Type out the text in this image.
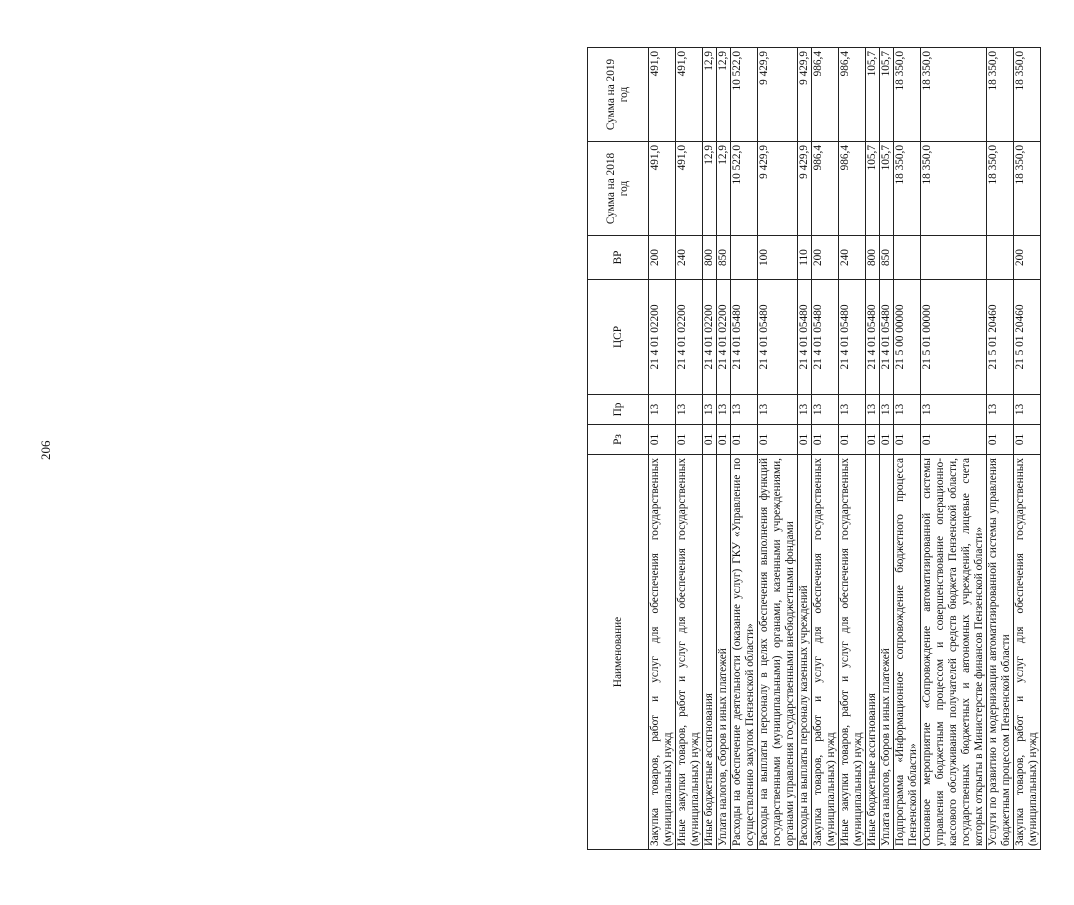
206
Наименование	Рз	Пр	ЦСР	ВР	Сумма на 2018 год	Сумма на 2019 год
Закупка товаров, работ и услуг для обеспечения государственных (муниципальных) нужд	01	13	21 4 01 02200	200	491,0	491,0
Иные закупки товаров, работ и услуг для обеспечения государственных (муниципальных) нужд	01	13	21 4 01 02200	240	491,0	491,0
Иные бюджетные ассигнования	01	13	21 4 01 02200	800	12,9	12,9
Уплата налогов, сборов и иных платежей	01	13	21 4 01 02200	850	12,9	12,9
Расходы на обеспечение деятельности (оказание услуг) ГКУ «Управление по осуществлению закупок Пензенской области»	01	13	21 4 01 05480		10 522,0	10 522,0
Расходы на выплаты персоналу в целях обеспечения выполнения функций государственными (муниципальными) органами, казенными учреждениями, органами управления государственными внебюджетными фондами	01	13	21 4 01 05480	100	9 429,9	9 429,9
Расходы на выплаты персоналу казенных учреждений	01	13	21 4 01 05480	110	9 429,9	9 429,9
Закупка товаров, работ и услуг для обеспечения государственных (муниципальных) нужд	01	13	21 4 01 05480	200	986,4	986,4
Иные закупки товаров, работ и услуг для обеспечения государственных (муниципальных) нужд	01	13	21 4 01 05480	240	986,4	986,4
Иные бюджетные ассигнования	01	13	21 4 01 05480	800	105,7	105,7
Уплата налогов, сборов и иных платежей	01	13	21 4 01 05480	850	105,7	105,7
Подпрограмма «Информационное сопровождение бюджетного процесса Пензенской области»	01	13	21 5 00 00000		18 350,0	18 350,0
Основное мероприятие «Сопровождение автоматизированной системы управления бюджетным процессом и совершенствование операционно-кассового обслуживания получателей средств бюджета Пензенской области, государственных бюджетных и автономных учреждений, лицевые счета которых открыты в Министерстве финансов Пензенской области»	01	13	21 5 01 00000		18 350,0	18 350,0
Услуги по развитию и модернизации автоматизированной системы управления бюджетным процессом Пензенской области	01	13	21 5 01 20460		18 350,0	18 350,0
Закупка товаров, работ и услуг для обеспечения государственных (муниципальных) нужд	01	13	21 5 01 20460	200	18 350,0	18 350,0
